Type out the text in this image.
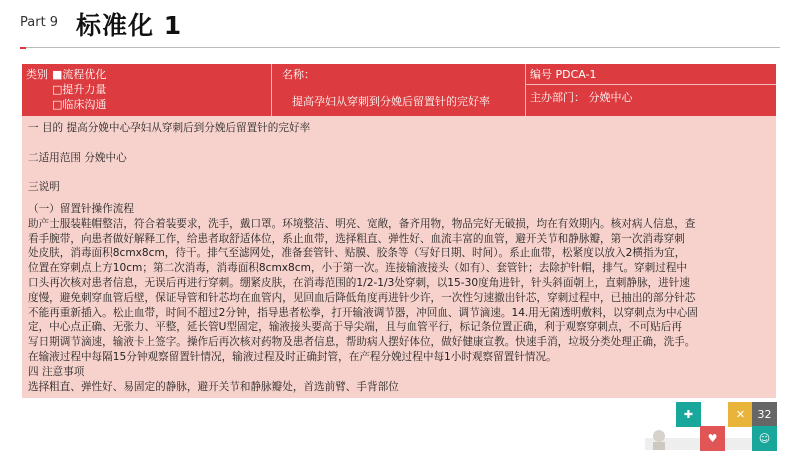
Part 9 标准化 1
类别 ■流程优化
□提升力量
□临床沟通
名称：
提高孕妇从穿刺到分娩后留置针的完好率
编号 PDCA-1
主办部门： 分娩中心

一 目的 提高分娩中心孕妇从穿刺后到分娩后留置针的完好率

二适用范围 分娩中心

三说明

（一）留置针操作流程

助产士服装鞋帽整洁，符合着装要求，洗手，戴口罩。环境整洁、明亮、宽敞，备齐用物，物品完好无破损，均在有效期内。核对病人信息，查

看手腕带，向患者做好解释工作，给患者取舒适体位，系止血带，选择粗直、弹性好、血流丰富的血管，避开关节和静脉瓣，第一次消毒穿刺

处皮肤，消毒面积8cmx8cm，待干。排气至滤网处，准备套管针、贴膜、胶条等（写好日期、时间）。系止血带，松紧度以放入2横指为宜，

位置在穿刺点上方10cm；第二次消毒，消毒面积8cmx8cm，小于第一次。连接输液接头（如有）、套管针；去除护针帽，排气。穿刺过程中

口头再次核对患者信息，无误后再进行穿刺。绷紧皮肤，在消毒范围的1/2-1/3处穿刺，以15-30度角进针，针头斜面朝上，直刺静脉，进针速

度慢，避免刺穿血管后壁，保证导管和针芯均在血管内，见回血后降低角度再进针少许，一次性匀速撤出针芯，穿刺过程中，已抽出的部分针芯

不能再重新插入。松止血带，时间不超过2分钟，指导患者松拳，打开输液调节器，冲回血、调节滴速。14.用无菌透明敷料，以穿刺点为中心固

定，中心点正确、无张力、平整，延长管U型固定，输液接头要高于导尖端，且与血管平行，标记条位置正确，利于观察穿刺点，不可贴后再

写日期调节滴速，输液卡上签字。操作后再次核对药物及患者信息，帮助病人摆好体位，做好健康宣教。快速手消，垃圾分类处理正确，洗手。

在输液过程中每隔15分钟观察留置针情况，输液过程及时正确封管，在产程分娩过程中每1小时观察留置针情况。

四 注意事项

选择粗直、弹性好、易固定的静脉，避开关节和静脉瓣处，首选前臂、手背部位

✚	✕	32
♥	☺
